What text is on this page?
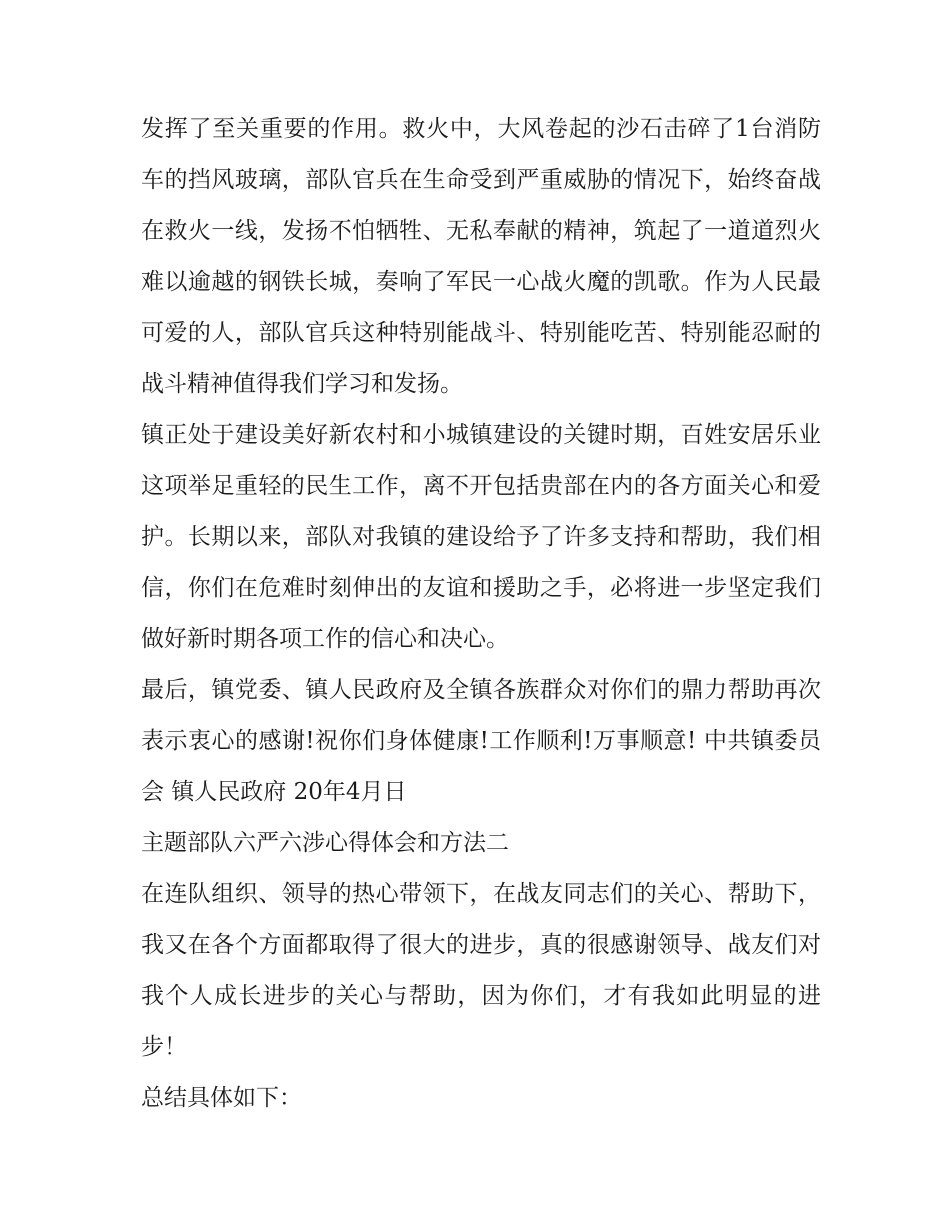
发挥了至关重要的作用。救火中，大风卷起的沙石击碎了1台消防车的挡风玻璃，部队官兵在生命受到严重威胁的情况下，始终奋战在救火一线，发扬不怕牺牲、无私奉献的精神，筑起了一道道烈火难以逾越的钢铁长城，奏响了军民一心战火魔的凯歌。作为人民最可爱的人，部队官兵这种特别能战斗、特别能吃苦、特别能忍耐的战斗精神值得我们学习和发扬。

镇正处于建设美好新农村和小城镇建设的关键时期，百姓安居乐业这项举足重轻的民生工作，离不开包括贵部在内的各方面关心和爱护。长期以来，部队对我镇的建设给予了许多支持和帮助，我们相信，你们在危难时刻伸出的友谊和援助之手，必将进一步坚定我们做好新时期各项工作的信心和决心。

最后，镇党委、镇人民政府及全镇各族群众对你们的鼎力帮助再次表示衷心的感谢!祝你们身体健康!工作顺利!万事顺意! 中共镇委员会 镇人民政府 20年4月日

主题部队六严六涉心得体会和方法二

在连队组织、领导的热心带领下，在战友同志们的关心、帮助下，我又在各个方面都取得了很大的进步，真的很感谢领导、战友们对我个人成长进步的关心与帮助，因为你们，才有我如此明显的进步！

总结具体如下：
